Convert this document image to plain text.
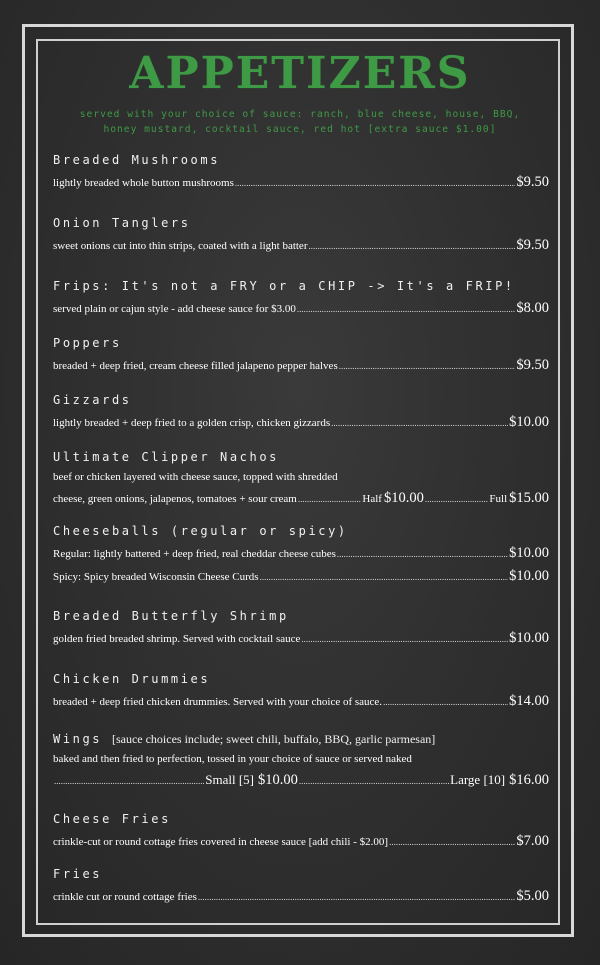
APPETIZERS
served with your choice of sauce: ranch, blue cheese, house, BBQ,
honey mustard, cocktail sauce, red hot [extra sauce $1.00]
Breaded Mushrooms
lightly breaded whole button mushrooms .....	$9.50
Onion Tanglers
sweet onions cut into thin strips, coated with a light batter .....	$9.50
Frips: It's not a FRY or a CHIP -> It's a FRIP!
served plain or cajun style - add cheese sauce for $3.00 .....	$8.00
Poppers
breaded + deep fried, cream cheese filled jalapeno pepper halves .....	$9.50
Gizzards
lightly breaded + deep fried to a golden crisp, chicken gizzards .....	$10.00
Ultimate Clipper Nachos
beef or chicken layered with cheese sauce, topped with shredded
cheese, green onions, jalapenos, tomatoes + sour cream .....	Half $10.00 .....	Full $15.00
Cheeseballs (regular or spicy)
Regular: lightly battered + deep fried, real cheddar cheese cubes .....	$10.00
Spicy: Spicy breaded Wisconsin Cheese Curds .....	$10.00
Breaded Butterfly Shrimp
golden fried breaded shrimp. Served with cocktail sauce .....	$10.00
Chicken Drummies
breaded + deep fried chicken drummies. Served with your choice of sauce. .....	$14.00
Wings [sauce choices include; sweet chili, buffalo, BBQ, garlic parmesan]
baked and then fried to perfection, tossed in your choice of sauce or served naked
.....
Small [5] $10.00 .....	Large [10] $16.00
Cheese Fries
crinkle-cut or round cottage fries covered in cheese sauce [add chili - $2.00] .....	$7.00
Fries
crinkle cut or round cottage fries .....	$5.00
